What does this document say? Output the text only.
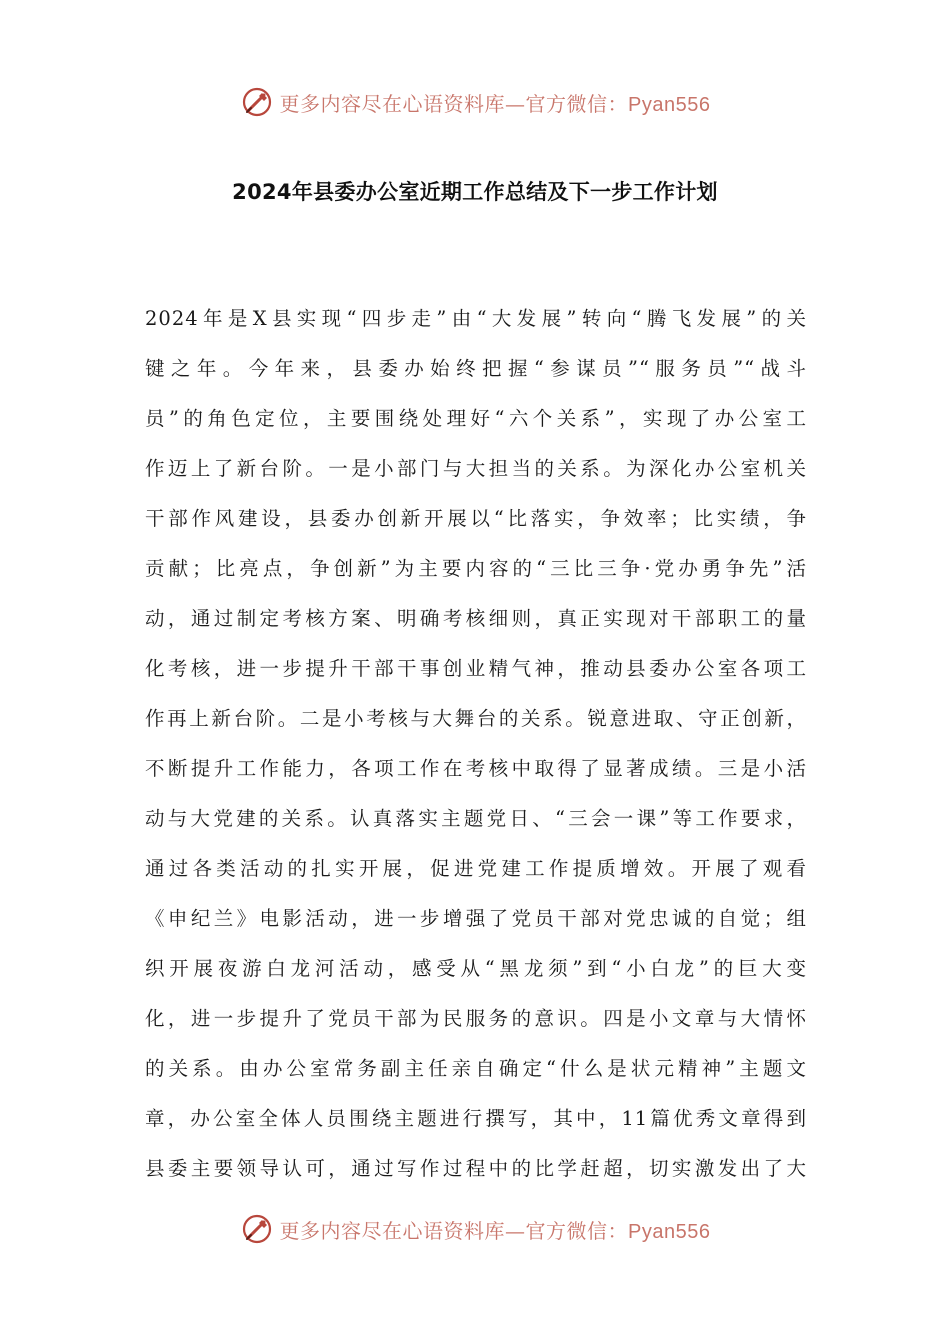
更多内容尽在心语资料库—官方微信：Pyan556
2024年县委办公室近期工作总结及下一步工作计划
2024年是X县实现“四步走”由“大发展”转向“腾飞发展”的关
键之年。今年来，县委办始终把握“参谋员”“服务员”“战斗
员”的角色定位，主要围绕处理好“六个关系”，实现了办公室工
作迈上了新台阶。一是小部门与大担当的关系。为深化办公室机关
干部作风建设，县委办创新开展以“比落实，争效率；比实绩，争
贡献；比亮点，争创新”为主要内容的“三比三争·党办勇争先”活
动，通过制定考核方案、明确考核细则，真正实现对干部职工的量
化考核，进一步提升干部干事创业精气神，推动县委办公室各项工
作再上新台阶。二是小考核与大舞台的关系。锐意进取、守正创新，
不断提升工作能力，各项工作在考核中取得了显著成绩。三是小活
动与大党建的关系。认真落实主题党日、“三会一课”等工作要求，
通过各类活动的扎实开展，促进党建工作提质增效。开展了观看
《申纪兰》电影活动，进一步增强了党员干部对党忠诚的自觉；组
织开展夜游白龙河活动，感受从“黑龙须”到“小白龙”的巨大变
化，进一步提升了党员干部为民服务的意识。四是小文章与大情怀
的关系。由办公室常务副主任亲自确定“什么是状元精神”主题文
章，办公室全体人员围绕主题进行撰写，其中，11篇优秀文章得到
县委主要领导认可，通过写作过程中的比学赶超，切实激发出了大
更多内容尽在心语资料库—官方微信：Pyan556
